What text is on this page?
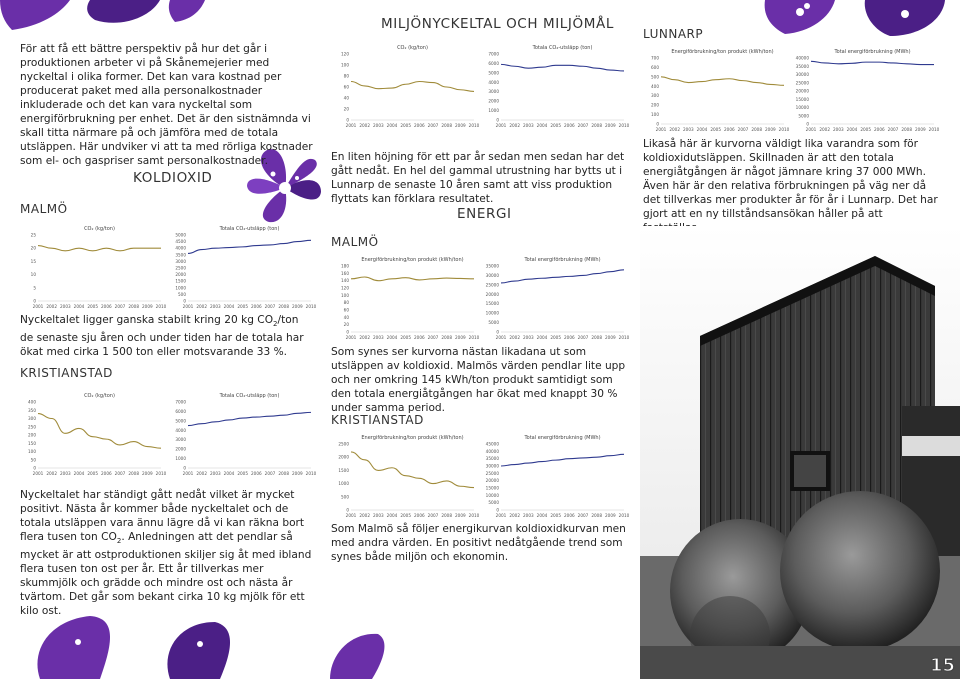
För att få ett bättre perspektiv på hur det går i produktionen arbeter vi på Skånemejerier med nyckeltal i olika former. Det kan vara kostnad per producerat paket med alla personalkostnader inkluderade och det kan vara nyckeltal som energiförbrukning per enhet. Det är den sistnämnda vi skall titta närmare på och jämföra med de totala utsläppen. Här undviker vi att ta med rörliga kostnader som el- och gaspriser samt personalkostnader.

KOLDIOXID
MALMÖ
CO₂ (kg/ton)
0
5
10
15
20
25
2001 2002 2003 2004 2005 2006 2007 2008 2009 2010
Totala CO₂-utsläpp (ton)
0
500
1000
1500
2000
2500
3000
3500
4000
4500
5000
2001 2002 2003 2004 2005 2006 2007 2008 2009 2010

Nyckeltalet ligger ganska stabilt kring 20 kg $CO_2$/ton de senaste sju åren och under tiden har de totala har ökat med cirka 1 500 ton eller motsvarande 33 %.

KRISTIANSTAD
CO₂ (kg/ton)
0
50
100
150
200
250
300
350
400
2001 2002 2003 2004 2005 2006 2007 2008 2009 2010
Totala CO₂-utsläpp (ton)
0
1000
2000
3000
4000
5000
6000
7000
2001 2002 2003 2004 2005 2006 2007 2008 2009 2010

Nyckeltalet har ständigt gått nedåt vilket är mycket positivt. Nästa år kommer både nyckeltalet och de totala utsläppen vara ännu lägre då vi kan räkna bort flera tusen ton $CO_2$. Anledningen att det pendlar så mycket är att ostproduktionen skiljer sig åt med ibland flera tusen ton ost per år. Ett år tillverkas mer skummjölk och grädde och mindre ost och nästa år tvärtom. Det går som bekant cirka 10 kg mjölk för ett kilo ost.

MILJÖNYCKELTAL OCH MILJÖMÅL
CO₂ (kg/ton)
0
20
40
60
80
100
120
2001 2002 2003 2004 2005 2006 2007 2008 2009 2010
Totala CO₂-utsläpp (ton)
0
1000
2000
3000
4000
5000
6000
7000
2001 2002 2003 2004 2005 2006 2007 2008 2009 2010

En liten höjning för ett par år sedan men sedan har det gått nedåt. En hel del gammal utrustning har bytts ut i Lunnarp de senaste 10 åren samt att viss produktion flyttats kan förklara resultatet.

ENERGI
MALMÖ
Energiförbrukning/ton produkt (kWh/ton)
0
20
40
60
80
100
120
140
160
180
2001 2002 2003 2004 2005 2006 2007 2008 2009 2010
Total energiförbrukning (MWh)
0
5000
10000
15000
20000
25000
30000
35000
2001 2002 2003 2004 2005 2006 2007 2008 2009 2010

Som synes ser kurvorna nästan likadana ut som utsläppen av koldioxid. Malmös värden pendlar lite upp och ner omkring 145 kWh/ton produkt samtidigt som den totala energiåtgången har ökat med knappt 30 % under samma period.

KRISTIANSTAD
Energiförbrukning/ton produkt (kWh/ton)
0
500
1000
1500
2000
2500
2001 2002 2003 2004 2005 2006 2007 2008 2009 2010
Total energiförbrukning (MWh)
0
5000
10000
15000
20000
25000
30000
35000
40000
45000
2001 2002 2003 2004 2005 2006 2007 2008 2009 2010

Som Malmö så följer energikurvan koldioxidkurvan men med andra värden. En positivt nedåtgående trend som synes både miljön och ekonomin.

LUNNARP
Energiförbrukning/ton produkt (kWh/ton)
0
100
200
300
400
500
600
700
2001 2002 2003 2004 2005 2006 2007 2008 2009 2010
Total energiförbrukning (MWh)
0
5000
10000
15000
20000
25000
30000
35000
40000
2001 2002 2003 2004 2005 2006 2007 2008 2009 2010

Likaså här är kurvorna väldigt lika varandra som för koldioxidutsläppen. Skillnaden är att den totala energiåtgången är något jämnare kring 37 000 MWh. Även här är den relativa förbrukningen på väg ner då det tillverkas mer produkter år för år i Lunnarp. Det har gjort att en ny tillståndsansökan håller på att

15
